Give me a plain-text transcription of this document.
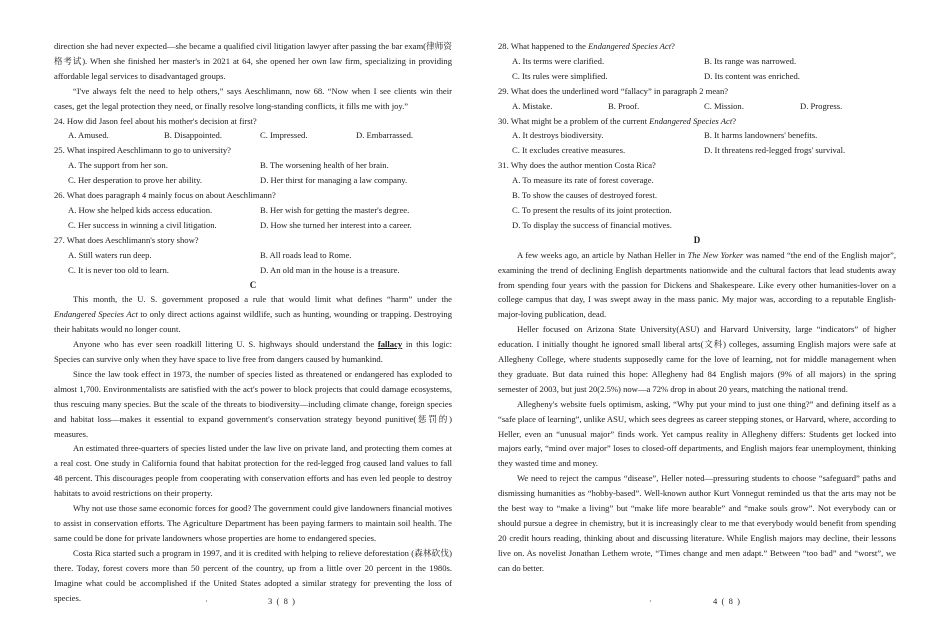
direction she had never expected—she became a qualified civil litigation lawyer after passing the bar exam(律师资格考试). When she finished her master's in 2021 at 64, she opened her own law firm, specializing in providing affordable legal services to disadvantaged groups.

“I've always felt the need to help others,” says Aeschlimann, now 68. “Now when I see clients win their cases, get the legal protection they need, or finally resolve long-standing conflicts, it fills me with joy.”

24. How did Jason feel about his mother's decision at first?

A. Amused.	B. Disappointed.	C. Impressed.	D. Embarrassed.

25. What inspired Aeschlimann to go to university?

A. The support from her son.	B. The worsening health of her brain.
C. Her desperation to prove her ability.	D. Her thirst for managing a law company.

26. What does paragraph 4 mainly focus on about Aeschlimann?

A. How she helped kids access education.	B. Her wish for getting the master's degree.
C. Her success in winning a civil litigation.	D. How she turned her interest into a career.

27. What does Aeschlimann's story show?

A. Still waters run deep.	B. All roads lead to Rome.
C. It is never too old to learn.	D. An old man in the house is a treasure.
C

This month, the U. S. government proposed a rule that would limit what defines “harm” under the Endangered Species Act to only direct actions against wildlife, such as hunting, wounding or trapping. Destroying their habitats would no longer count.

Anyone who has ever seen roadkill littering U. S. highways should understand the fallacy in this logic: Species can survive only when they have space to live free from dangers caused by humankind.

Since the law took effect in 1973, the number of species listed as threatened or endangered has exploded to almost 1,700. Environmentalists are satisfied with the act's power to block projects that could damage ecosystems, thus rescuing many species. But the scale of the threats to biodiversity—including climate change, foreign species and habitat loss—makes it essential to expand government's conservation strategy beyond punitive(惩罚的) measures.

An estimated three-quarters of species listed under the law live on private land, and protecting them comes at a real cost. One study in California found that habitat protection for the red-legged frog caused land values to fall 48 percent. This discourages people from cooperating with conservation efforts and has even led people to destroy habitats to avoid restrictions on their property.

Why not use those same economic forces for good? The government could give landowners financial motives to assist in conservation efforts. The Agriculture Department has been paying farmers to maintain soil health. The same could be done for private landowners whose properties are home to endangered species.

Costa Rica started such a program in 1997, and it is credited with helping to relieve deforestation (森林砍伐) there. Today, forest covers more than 50 percent of the country, up from a little over 20 percent in the 1980s. Imagine what could be accomplished if the United States adopted a similar strategy for preventing the loss of species.	·	3  (  8  )

28. What happened to the Endangered Species Act?

A. Its terms were clarified.	B. Its range was narrowed.
C. Its rules were simplified.	D. Its content was enriched.

29. What does the underlined word “fallacy” in paragraph 2 mean?

A. Mistake.	B. Proof.	C. Mission.	D. Progress.

30. What might be a problem of the current Endangered Species Act?

A. It destroys biodiversity.	B. It harms landowners' benefits.
C. It excludes creative measures.	D. It threatens red-legged frogs' survival.

31. Why does the author mention Costa Rica?

A. To measure its rate of forest coverage.
B. To show the causes of destroyed forest.
C. To present the results of its joint protection.
D. To display the success of financial motives.
D

A few weeks ago, an article by Nathan Heller in The New Yorker was named “the end of the English major”, examining the trend of declining English departments nationwide and the cultural factors that lead students away from spending four years with the passion for Dickens and Shakespeare. Like every other humanities-lover on a college campus that day, I was swept away in the mass panic. My major was, according to a reputable English-major-loving publication, dead.

Heller focused on Arizona State University(ASU) and Harvard University, large “indicators” of higher education. I initially thought he ignored small liberal arts(文科) colleges, assuming English majors were safe at Allegheny College, where students supposedly came for the love of learning, not for middle management when they graduate. But data ruined this hope: Allegheny had 84 English majors (9% of all majors) in the spring semester of 2003, but just 20(2.5%) now—a 72% drop in about 20 years, matching the national trend.

Allegheny's website fuels optimism, asking, “Why put your mind to just one thing?” and defining itself as a “safe place of learning”, unlike ASU, which sees degrees as career stepping stones, or Harvard, where, according to Heller, even an “unusual major” finds work. Yet campus reality in Allegheny differs: Students get locked into majors early, “mind over major” loses to closed-off departments, and English majors fear unemployment, thinking they wasted time and money.

We need to reject the campus “disease”, Heller noted—pressuring students to choose “safeguard” paths and dismissing humanities as “hobby-based”. Well-known author Kurt Vonnegut reminded us that the arts may not be the best way to “make a living” but “make life more bearable” and “make souls grow”. Not everybody can or should pursue a degree in chemistry, but it is increasingly clear to me that everybody would benefit from spending 20 credit hours reading, thinking about and discussing literature. While English majors may decline, their lessons live on. As novelist Jonathan Lethem wrote, “Times change and men adapt.” Between “too bad” and “worst”, we can do better.

·	4  (  8  )
